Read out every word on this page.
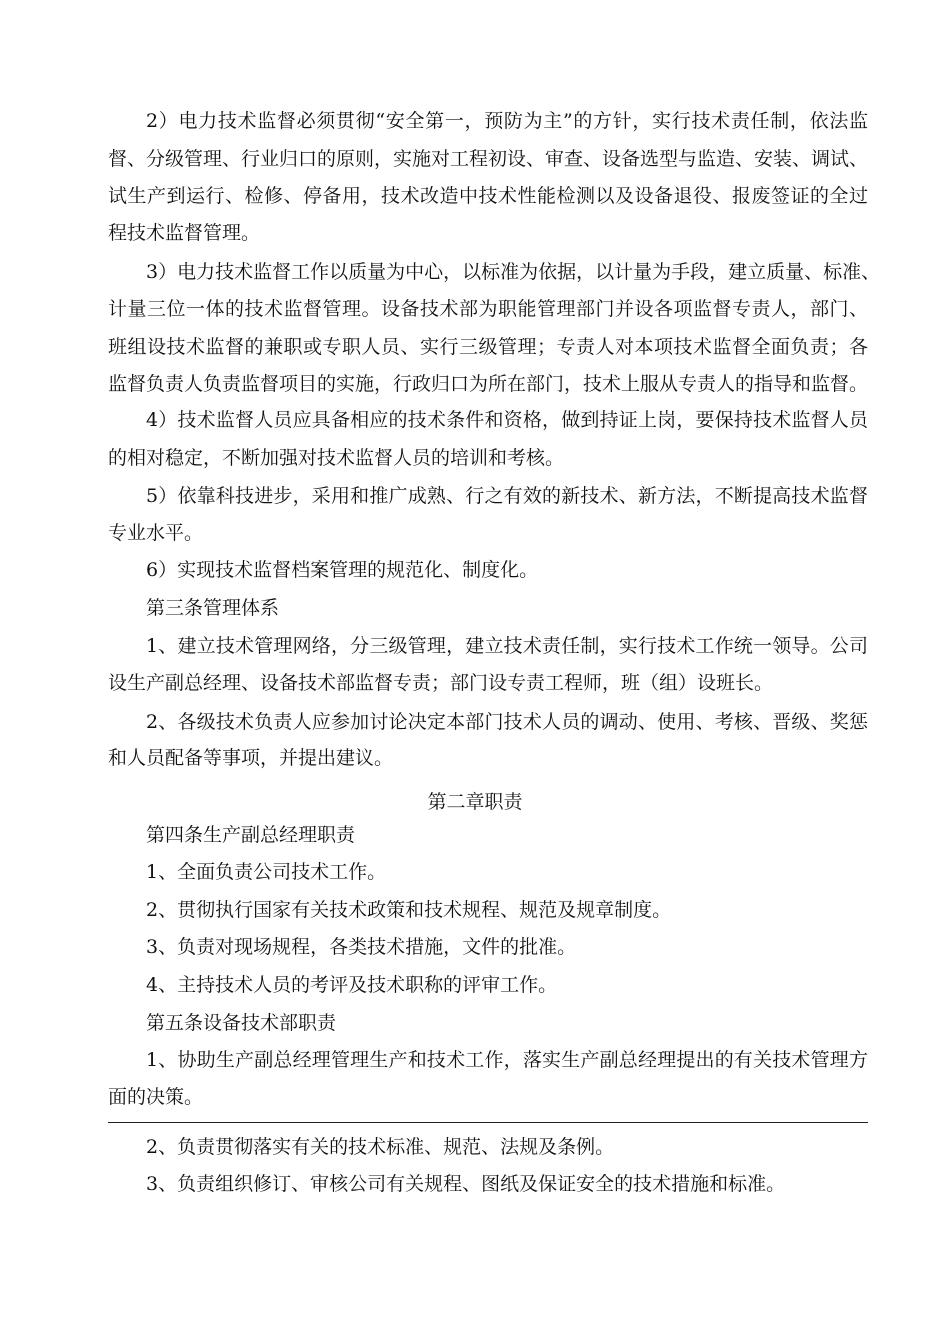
2）电力技术监督必须贯彻“安全第一，预防为主”的方针，实行技术责任制，依法监
督、分级管理、行业归口的原则，实施对工程初设、审查、设备选型与监造、安装、调试、
试生产到运行、检修、停备用，技术改造中技术性能检测以及设备退役、报废签证的全过
程技术监督管理。
3）电力技术监督工作以质量为中心，以标准为依据，以计量为手段，建立质量、标准、
计量三位一体的技术监督管理。设备技术部为职能管理部门并设各项监督专责人，部门、
班组设技术监督的兼职或专职人员、实行三级管理；专责人对本项技术监督全面负责；各
监督负责人负责监督项目的实施，行政归口为所在部门，技术上服从专责人的指导和监督。
4）技术监督人员应具备相应的技术条件和资格，做到持证上岗，要保持技术监督人员
的相对稳定，不断加强对技术监督人员的培训和考核。
5）依靠科技进步，采用和推广成熟、行之有效的新技术、新方法，不断提高技术监督
专业水平。
6）实现技术监督档案管理的规范化、制度化。
第三条管理体系
1、建立技术管理网络，分三级管理，建立技术责任制，实行技术工作统一领导。公司
设生产副总经理、设备技术部监督专责；部门设专责工程师，班（组）设班长。
2、各级技术负责人应参加讨论决定本部门技术人员的调动、使用、考核、晋级、奖惩
和人员配备等事项，并提出建议。
第二章职责
第四条生产副总经理职责
1、全面负责公司技术工作。
2、贯彻执行国家有关技术政策和技术规程、规范及规章制度。
3、负责对现场规程，各类技术措施，文件的批准。
4、主持技术人员的考评及技术职称的评审工作。
第五条设备技术部职责
1、协助生产副总经理管理生产和技术工作，落实生产副总经理提出的有关技术管理方
面的决策。
2、负责贯彻落实有关的技术标准、规范、法规及条例。
3、负责组织修订、审核公司有关规程、图纸及保证安全的技术措施和标准。
